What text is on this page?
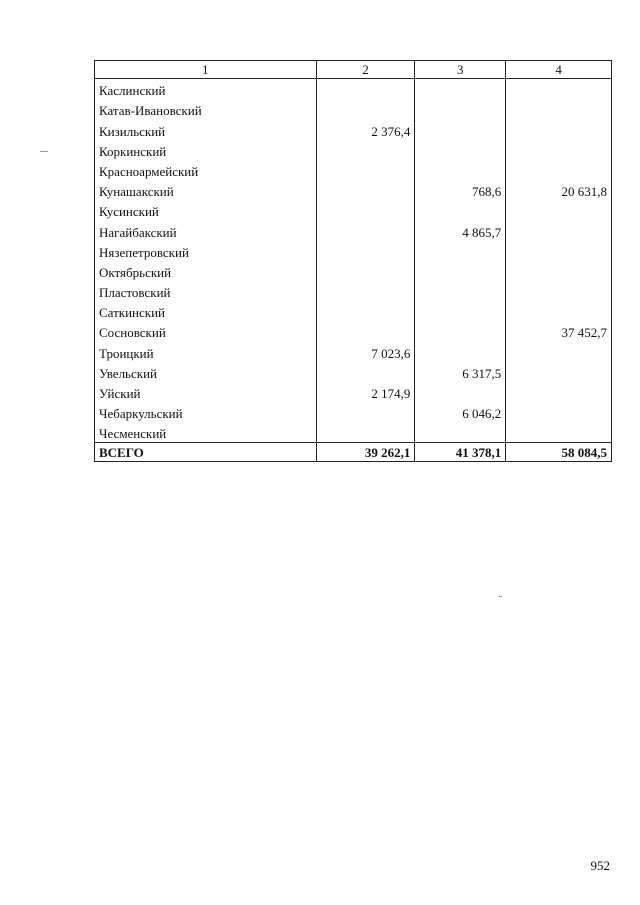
1	2	3	4
Каслинский			
Катав-Ивановский			
Кизильский	2 376,4		
Коркинский			
Красноармейский			
Кунашакский		768,6	20 631,8
Кусинский			
Нагайбакский		4 865,7	
Нязепетровский			
Октябрьский			
Пластовский			
Саткинский			
Сосновский			37 452,7
Троицкий	7 023,6		
Увельский		6 317,5	
Уйский	2 174,9		
Чебаркульский		6 046,2	
Чесменский			
ВСЕГО	39 262,1	41 378,1	58 084,5
952
